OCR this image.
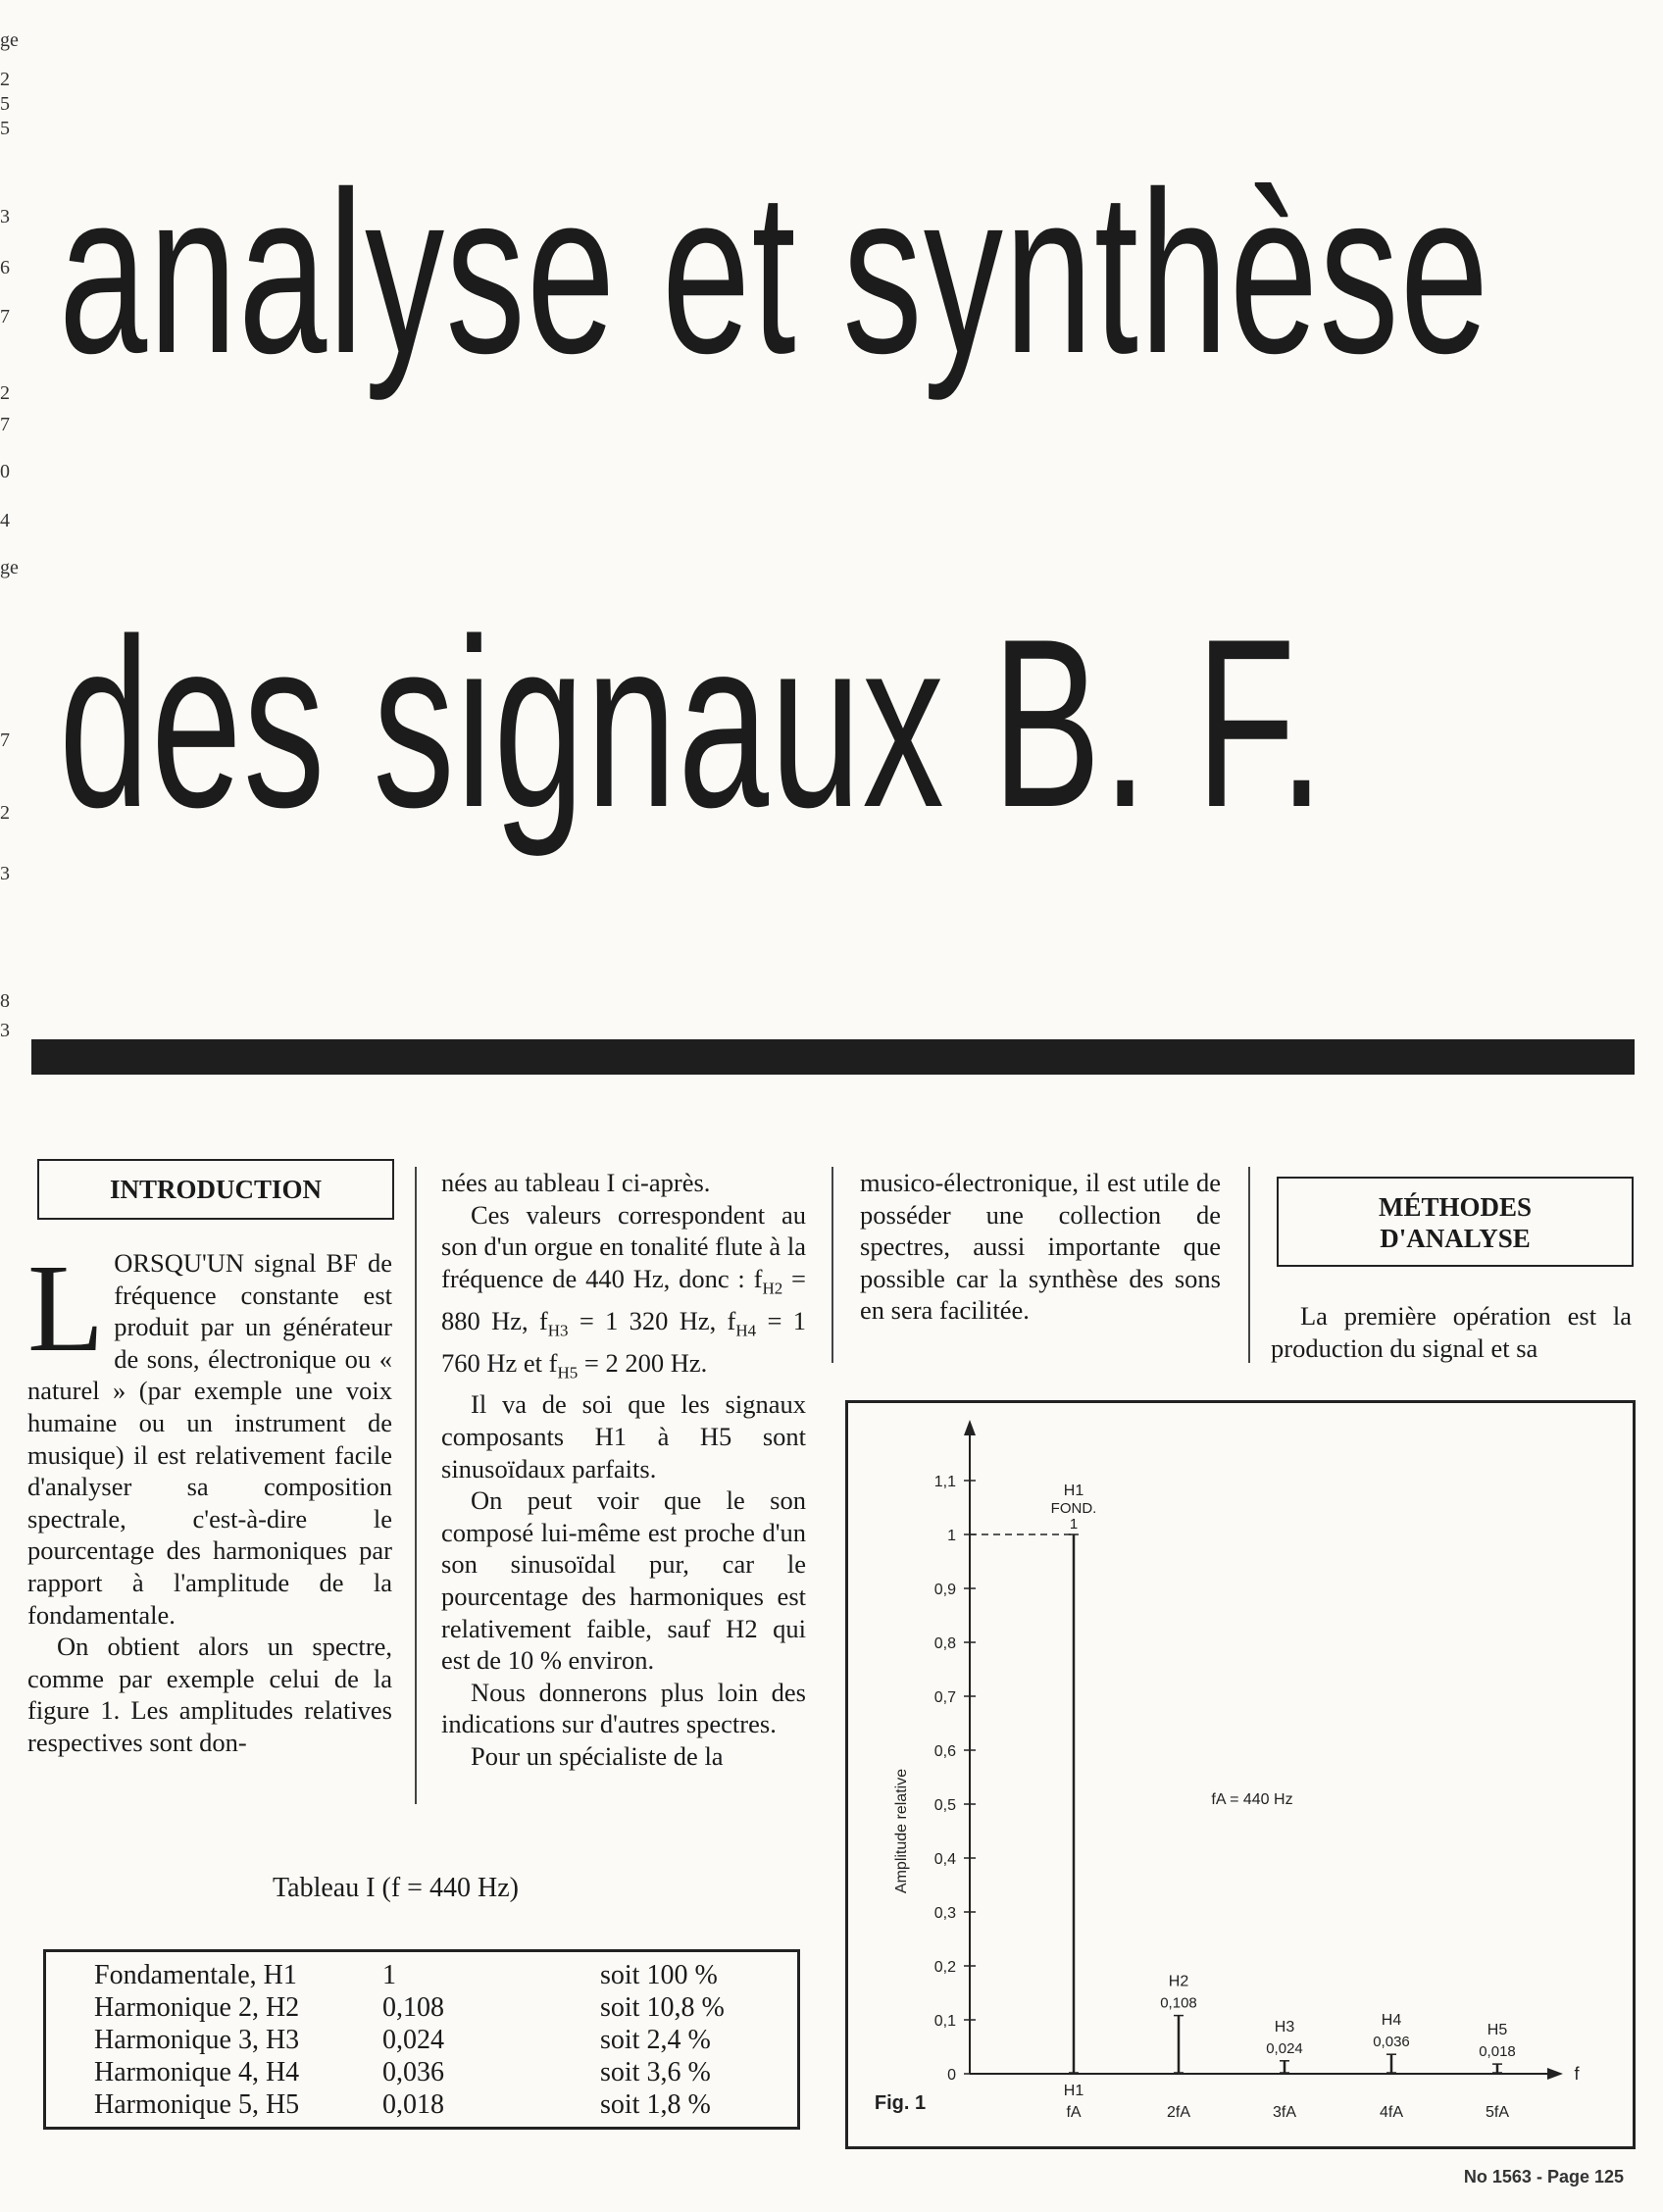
ge
2
5
5
3
6
7
2
7
0
4
ge
7
2
3
8
3
analyse et synthèse
des signaux B. F.
INTRODUCTION
L ORSQU'UN signal BF de fréquence constante est produit par un générateur de sons, électronique ou « naturel » (par exemple une voix humaine ou un instrument de musique) il est relativement facile d'analyser sa composition spectrale, c'est-à-dire le pourcentage des harmoniques par rapport à l'amplitude de la fondamentale.

On obtient alors un spectre, comme par exemple celui de la figure 1. Les amplitudes relatives respectives sont don-

nées au tableau I ci-après.

Ces valeurs correspondent au son d'un orgue en tonalité flute à la fréquence de 440 Hz, donc : $f_{H2} = 880$ Hz, $f_{H3} = 1$ 320 Hz, $f_{H4} = 1$ 760 Hz et $f_{H5} = 2$ 200 Hz.

Il va de soi que les signaux composants H1 à H5 sont sinusoïdaux parfaits.

On peut voir que le son composé lui-même est proche d'un son sinusoïdal pur, car le pourcentage des harmoniques est relativement faible, sauf H2 qui est de 10 % environ.

Nous donnerons plus loin des indications sur d'autres spectres.

Pour un spécialiste de la

musico-électronique, il est utile de posséder une collection de spectres, aussi importante que possible car la synthèse des sons en sera facilitée.

MÉTHODES
D'ANALYSE

La première opération est la production du signal et sa

Tableau I (f = 440 Hz)
Fondamentale, H1	1	soit 100 %
Harmonique 2, H2	0,108	soit 10,8 %
Harmonique 3, H3	0,024	soit 2,4 %
Harmonique 4, H4	0,036	soit 3,6 %
Harmonique 5, H5	0,018	soit 1,8 %
f
0
0,1
0,2
0,3
0,4
0,5
0,6
0,7
0,8
0,9
1
1,1
Amplitude relative
fA	2fA	3fA	4fA	5fA
H1
FOND.
1
H2
0,108
H3
0,024
H4
0,036
H5
0,018
H1
fA = 440 Hz
Fig. 1
No 1563 - Page 125
